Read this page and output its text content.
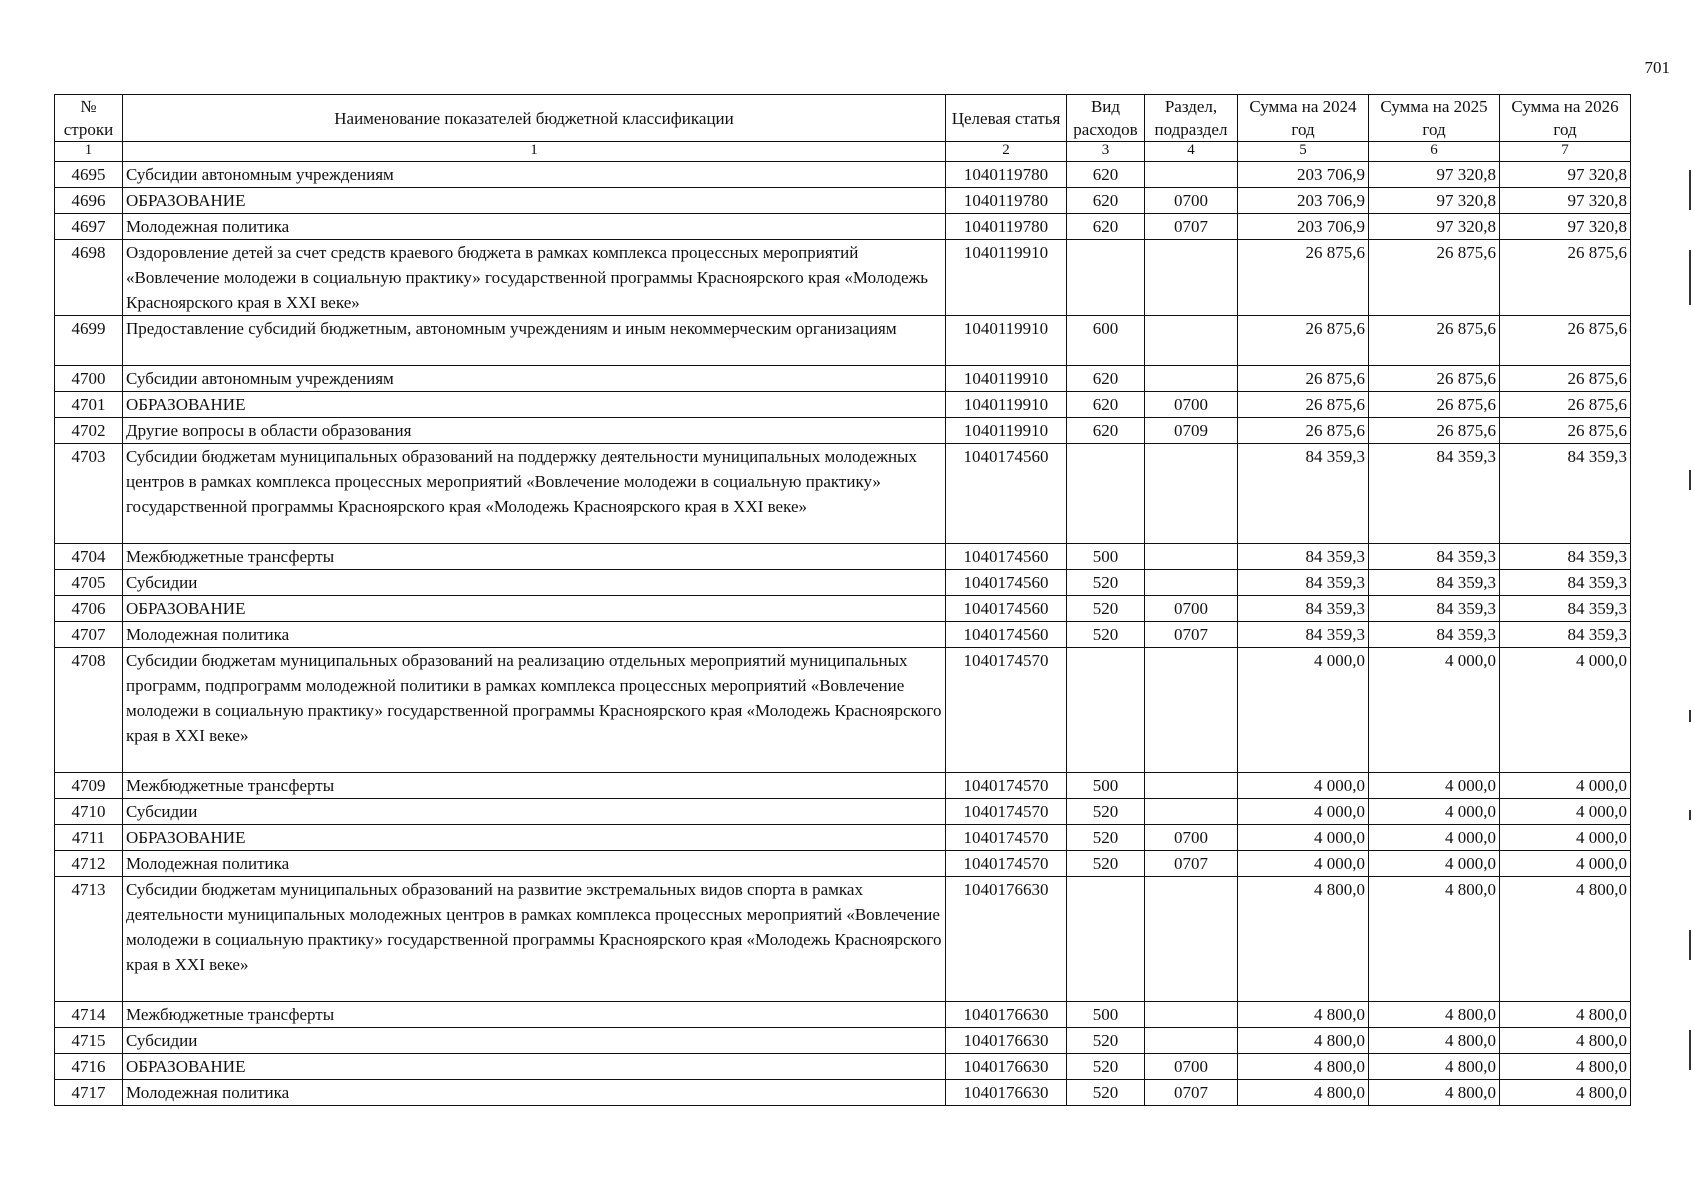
701
№ строки	Наименование показателей бюджетной классификации	Целевая статья	Вид расходов	Раздел, подраздел	Сумма на 2024 год	Сумма на 2025 год	Сумма на 2026 год
1	1	2	3	4	5	6	7
4695	Субсидии автономным учреждениям	1040119780	620		203 706,9	97 320,8	97 320,8
4696	ОБРАЗОВАНИЕ	1040119780	620	0700	203 706,9	97 320,8	97 320,8
4697	Молодежная политика	1040119780	620	0707	203 706,9	97 320,8	97 320,8
4698	Оздоровление детей за счет средств краевого бюджета в рамках комплекса процессных мероприятий «Вовлечение молодежи в социальную практику» государственной программы Красноярского края «Молодежь Красноярского края в XXI веке»	1040119910			26 875,6	26 875,6	26 875,6
4699	Предоставление субсидий бюджетным, автономным учреждениям и иным некоммерческим организациям	1040119910	600		26 875,6	26 875,6	26 875,6
4700	Субсидии автономным учреждениям	1040119910	620		26 875,6	26 875,6	26 875,6
4701	ОБРАЗОВАНИЕ	1040119910	620	0700	26 875,6	26 875,6	26 875,6
4702	Другие вопросы в области образования	1040119910	620	0709	26 875,6	26 875,6	26 875,6
4703	Субсидии бюджетам муниципальных образований на поддержку деятельности муниципальных молодежных центров в рамках комплекса процессных мероприятий «Вовлечение молодежи в социальную практику» государственной программы Красноярского края «Молодежь Красноярского края в XXI веке»	1040174560			84 359,3	84 359,3	84 359,3
4704	Межбюджетные трансферты	1040174560	500		84 359,3	84 359,3	84 359,3
4705	Субсидии	1040174560	520		84 359,3	84 359,3	84 359,3
4706	ОБРАЗОВАНИЕ	1040174560	520	0700	84 359,3	84 359,3	84 359,3
4707	Молодежная политика	1040174560	520	0707	84 359,3	84 359,3	84 359,3
4708	Субсидии бюджетам муниципальных образований на реализацию отдельных мероприятий муниципальных программ, подпрограмм молодежной политики в рамках комплекса процессных мероприятий «Вовлечение молодежи в социальную практику» государственной программы Красноярского края «Молодежь Красноярского края в XXI веке»	1040174570			4 000,0	4 000,0	4 000,0
4709	Межбюджетные трансферты	1040174570	500		4 000,0	4 000,0	4 000,0
4710	Субсидии	1040174570	520		4 000,0	4 000,0	4 000,0
4711	ОБРАЗОВАНИЕ	1040174570	520	0700	4 000,0	4 000,0	4 000,0
4712	Молодежная политика	1040174570	520	0707	4 000,0	4 000,0	4 000,0
4713	Субсидии бюджетам муниципальных образований на развитие экстремальных видов спорта в рамках деятельности муниципальных молодежных центров в рамках комплекса процессных мероприятий «Вовлечение молодежи в социальную практику» государственной программы Красноярского края «Молодежь Красноярского края в XXI веке»	1040176630			4 800,0	4 800,0	4 800,0
4714	Межбюджетные трансферты	1040176630	500		4 800,0	4 800,0	4 800,0
4715	Субсидии	1040176630	520		4 800,0	4 800,0	4 800,0
4716	ОБРАЗОВАНИЕ	1040176630	520	0700	4 800,0	4 800,0	4 800,0
4717	Молодежная политика	1040176630	520	0707	4 800,0	4 800,0	4 800,0
